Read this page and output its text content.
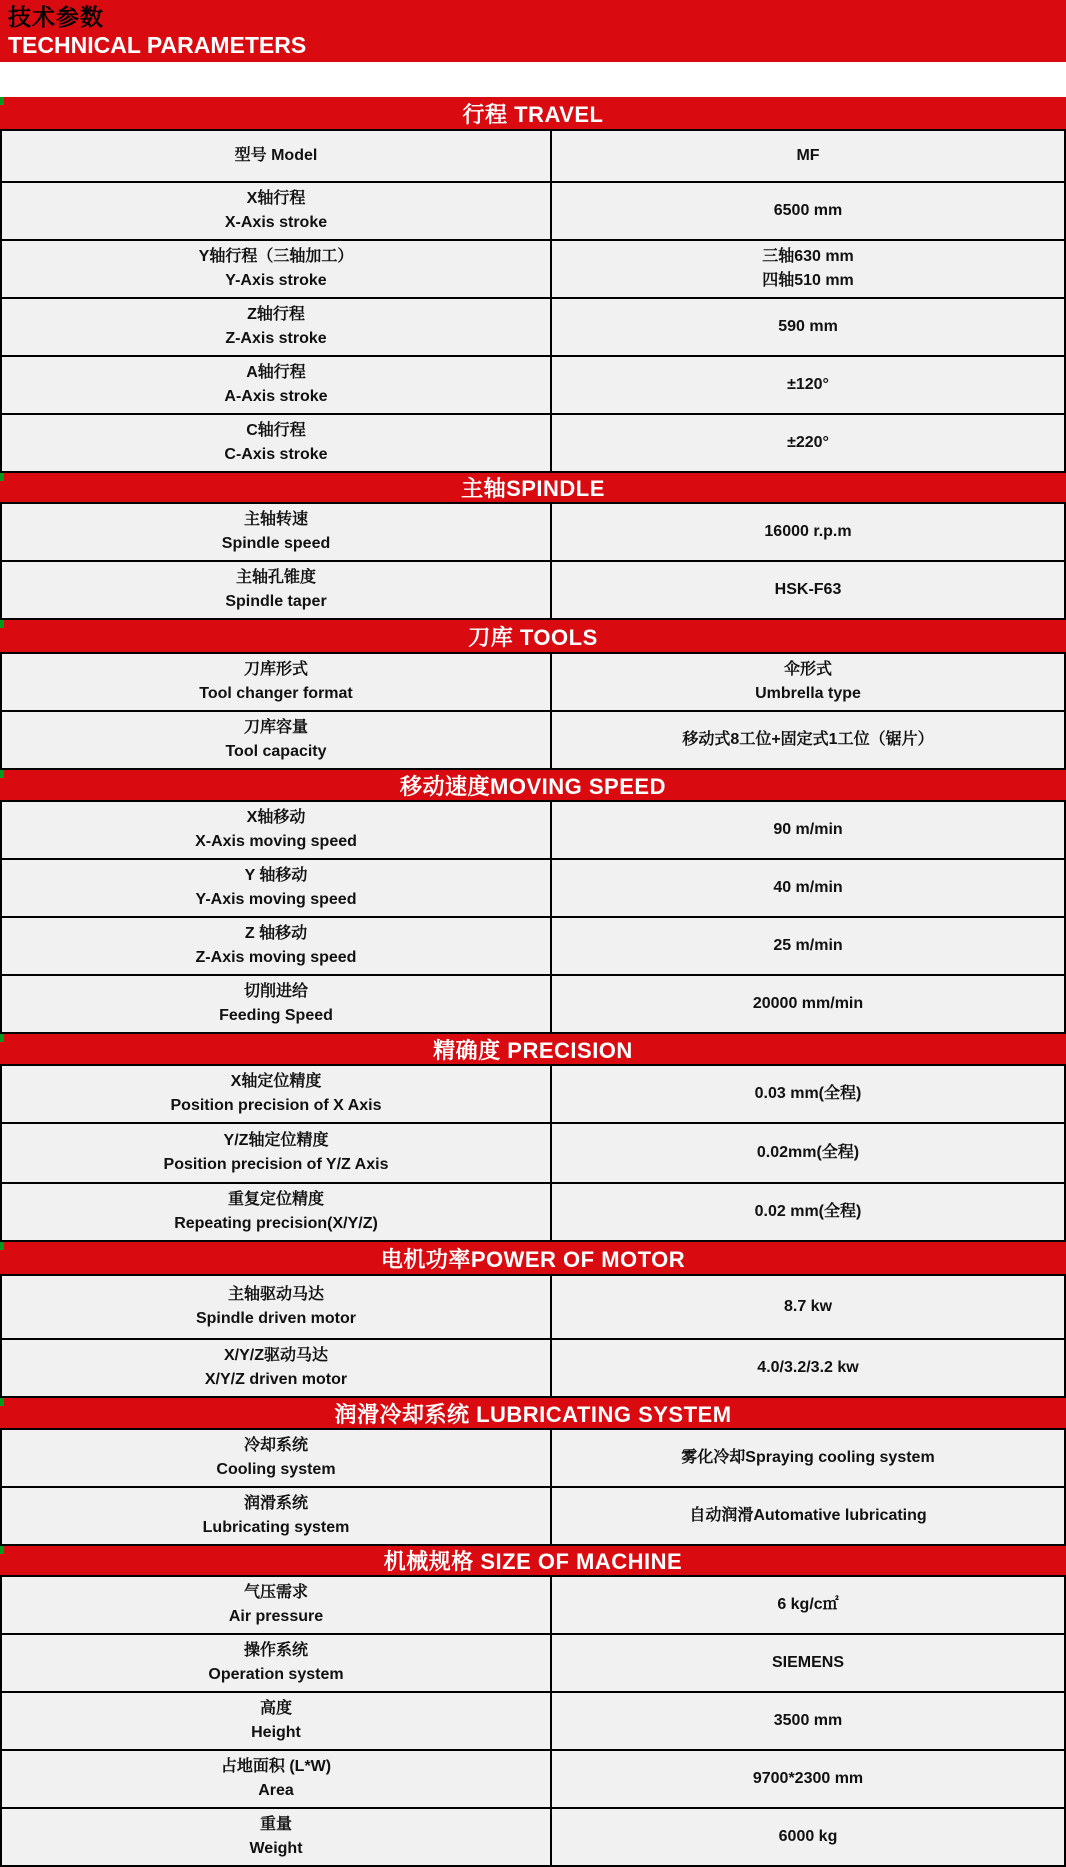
技术参数
TECHNICAL PARAMETERS
行程 TRAVEL
型号 Model	MF
X轴行程
X-Axis stroke
6500 mm
Y轴行程（三轴加工）
Y-Axis stroke
三轴630 mm
四轴510 mm
Z轴行程
Z-Axis stroke
590 mm
A轴行程
A-Axis stroke
±120°
C轴行程
C-Axis stroke
±220°
主轴SPINDLE
主轴转速
Spindle speed
16000 r.p.m
主轴孔锥度
Spindle taper
HSK-F63
刀库 TOOLS
刀库形式
Tool changer format
伞形式
Umbrella type
刀库容量
Tool capacity
移动式8工位+固定式1工位（锯片）
移动速度MOVING SPEED
X轴移动
X-Axis moving speed
90 m/min
Y 轴移动
Y-Axis moving speed
40 m/min
Z 轴移动
Z-Axis moving speed
25 m/min
切削进给
Feeding Speed
20000 mm/min
精确度 PRECISION
X轴定位精度
Position precision of X Axis
0.03 mm(全程)
Y/Z轴定位精度
Position precision of Y/Z Axis
0.02mm(全程)
重复定位精度
Repeating precision(X/Y/Z)
0.02 mm(全程)
电机功率POWER OF MOTOR
主轴驱动马达
Spindle driven motor
8.7 kw
X/Y/Z驱动马达
X/Y/Z driven motor
4.0/3.2/3.2 kw
润滑冷却系统 LUBRICATING SYSTEM
冷却系统
Cooling system
雾化冷却Spraying cooling system
润滑系统
Lubricating system
自动润滑Automative lubricating
机械规格 SIZE OF MACHINE
气压需求
Air pressure
6 kg/c㎡
操作系统
Operation system
SIEMENS
高度
Height
3500 mm
占地面积 (L*W)
Area
9700*2300 mm
重量
Weight
6000 kg
